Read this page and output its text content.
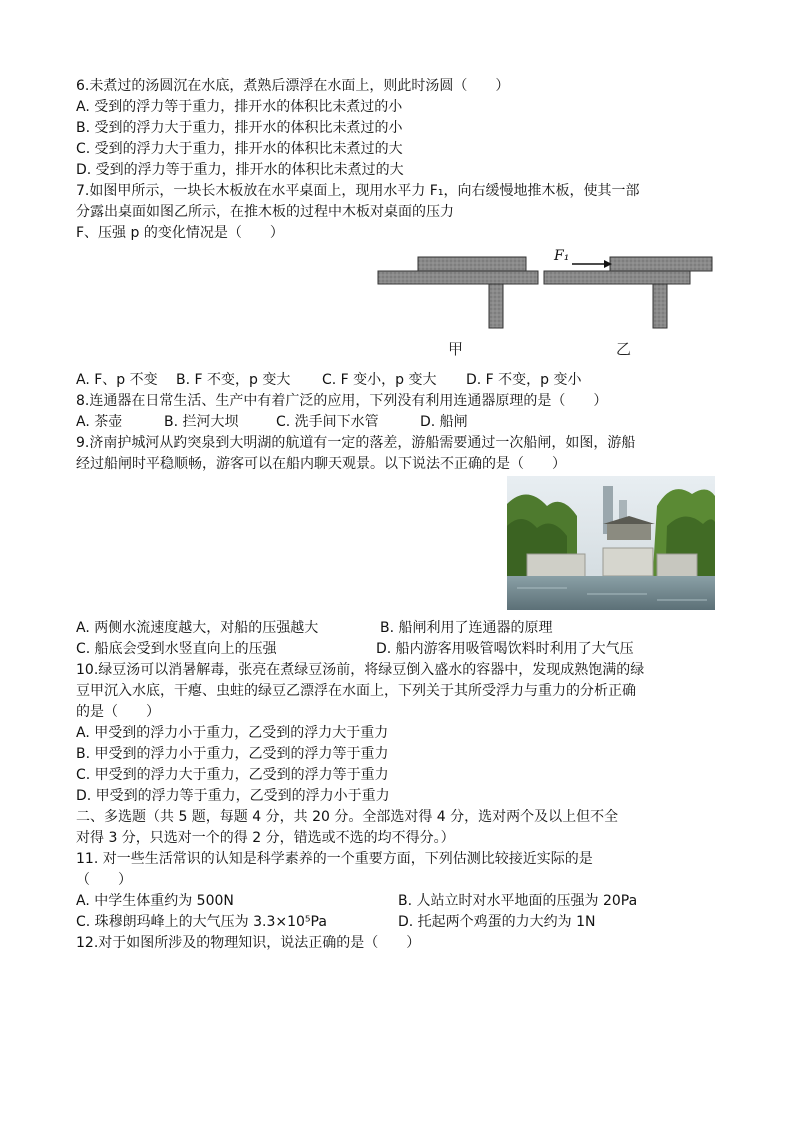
6.未煮过的汤圆沉在水底，煮熟后漂浮在水面上，则此时汤圆（　　）
A. 受到的浮力等于重力，排开水的体积比未煮过的小
B. 受到的浮力大于重力，排开水的体积比未煮过的小
C. 受到的浮力大于重力，排开水的体积比未煮过的大
D. 受到的浮力等于重力，排开水的体积比未煮过的大
7.如图甲所示，一块长木板放在水平桌面上，现用水平力 F₁，向右缓慢地推木板，使其一部
分露出桌面如图乙所示，在推木板的过程中木板对桌面的压力
F、压强 p 的变化情况是（　　）
F₁
甲	乙
A. F、p 不变 B. F 不变，p 变大 C. F 变小，p 变大 D. F 不变，p 变小
8.连通器在日常生活、生产中有着广泛的应用，下列没有利用连通器原理的是（　　）
A. 茶壶	B. 拦河大坝	C. 洗手间下水管	D. 船闸
9.济南护城河从趵突泉到大明湖的航道有一定的落差，游船需要通过一次船闸，如图，游船
经过船闸时平稳顺畅，游客可以在船内聊天观景。以下说法不正确的是（　　）
A. 两侧水流速度越大，对船的压强越大	B. 船闸利用了连通器的原理
C. 船底会受到水竖直向上的压强	D. 船内游客用吸管喝饮料时利用了大气压
10.绿豆汤可以消暑解毒，张亮在煮绿豆汤前，将绿豆倒入盛水的容器中，发现成熟饱满的绿
豆甲沉入水底，干瘪、虫蛀的绿豆乙漂浮在水面上，下列关于其所受浮力与重力的分析正确
的是（　　）
A. 甲受到的浮力小于重力，乙受到的浮力大于重力
B. 甲受到的浮力小于重力，乙受到的浮力等于重力
C. 甲受到的浮力大于重力，乙受到的浮力等于重力
D. 甲受到的浮力等于重力，乙受到的浮力小于重力
二、多选题（共 5 题，每题 4 分，共 20 分。全部选对得 4 分，选对两个及以上但不全
对得 3 分，只选对一个的得 2 分，错选或不选的均不得分。）
11. 对一些生活常识的认知是科学素养的一个重要方面，下列估测比较接近实际的是
（　　）
A. 中学生体重约为 500N	B. 人站立时对水平地面的压强为 20Pa
C. 珠穆朗玛峰上的大气压为 3.3×10⁵Pa	D. 托起两个鸡蛋的力大约为 1N
12.对于如图所涉及的物理知识，说法正确的是（　　）
